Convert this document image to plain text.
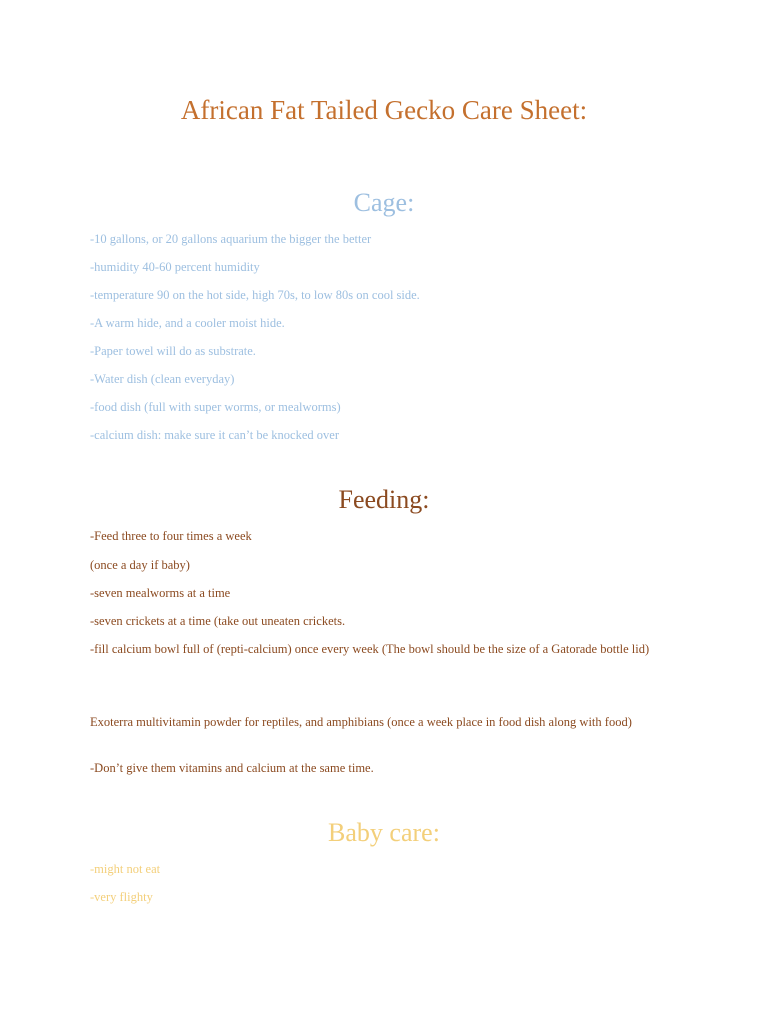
African Fat Tailed Gecko Care Sheet:
Cage:
-10 gallons, or 20 gallons aquarium the bigger the better
-humidity 40-60 percent humidity
-temperature 90 on the hot side, high 70s, to low 80s on cool side.
-A warm hide, and a cooler moist hide.
-Paper towel will do as substrate.
-Water dish (clean everyday)
-food dish (full with super worms, or mealworms)
-calcium dish: make sure it can’t be knocked over
Feeding:
-Feed three to four times a week
(once a day if baby)
-seven mealworms at a time
-seven crickets at a time (take out uneaten crickets.
-fill calcium bowl full of (repti-calcium) once every week (The bowl should be the size of a Gatorade bottle lid)
Exoterra multivitamin powder for reptiles, and amphibians (once a week place in food dish along with food)
-Don’t give them vitamins and calcium at the same time.
Baby care:
-might not eat
-very flighty
